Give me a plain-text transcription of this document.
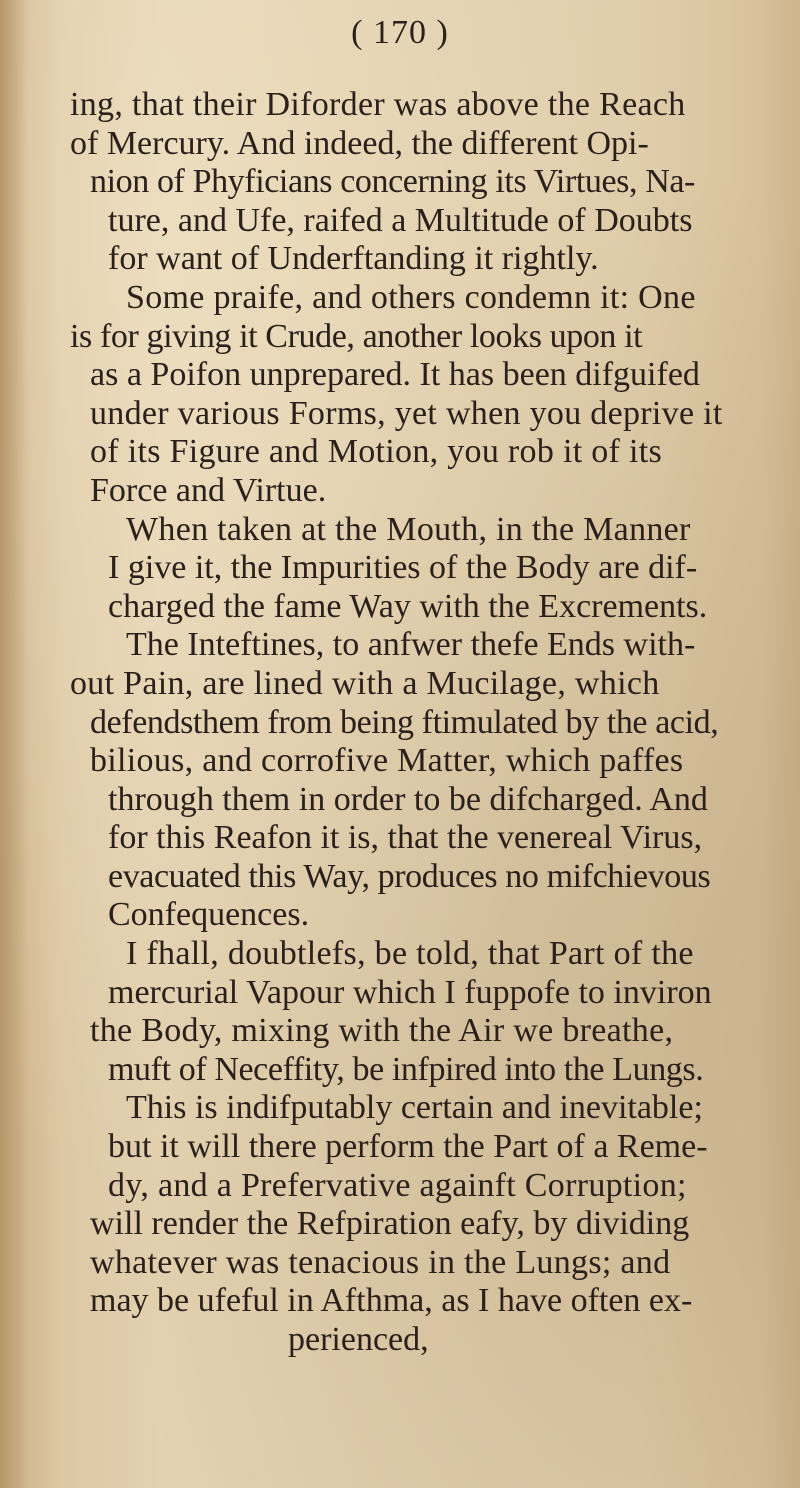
( 170 )
ing, that their Diforder was above the Reach
of Mercury. And indeed, the different Opi-
nion of Phyficians concerning its Virtues, Na-
ture, and Ufe, raifed a Multitude of Doubts
for want of Underftanding it rightly.
Some praife, and others condemn it: One
is for giving it Crude, another looks upon it
as a Poifon unprepared. It has been difguifed
under various Forms, yet when you deprive it
of its Figure and Motion, you rob it of its
Force and Virtue.
When taken at the Mouth, in the Manner
I give it, the Impurities of the Body are dif-
charged the fame Way with the Excrements.
The Inteftines, to anfwer thefe Ends with-
out Pain, are lined with a Mucilage, which
defendsthem from being ftimulated by the acid,
bilious, and corrofive Matter, which paffes
through them in order to be difcharged. And
for this Reafon it is, that the venereal Virus,
evacuated this Way, produces no mifchievous
Confequences.
I fhall, doubtlefs, be told, that Part of the
mercurial Vapour which I fuppofe to inviron
the Body, mixing with the Air we breathe,
muft of Neceffity, be infpired into the Lungs.
This is indifputably certain and inevitable;
but it will there perform the Part of a Reme-
dy, and a Prefervative againft Corruption;
will render the Refpiration eafy, by dividing
whatever was tenacious in the Lungs; and
may be ufeful in Afthma, as I have often ex-
perienced,
